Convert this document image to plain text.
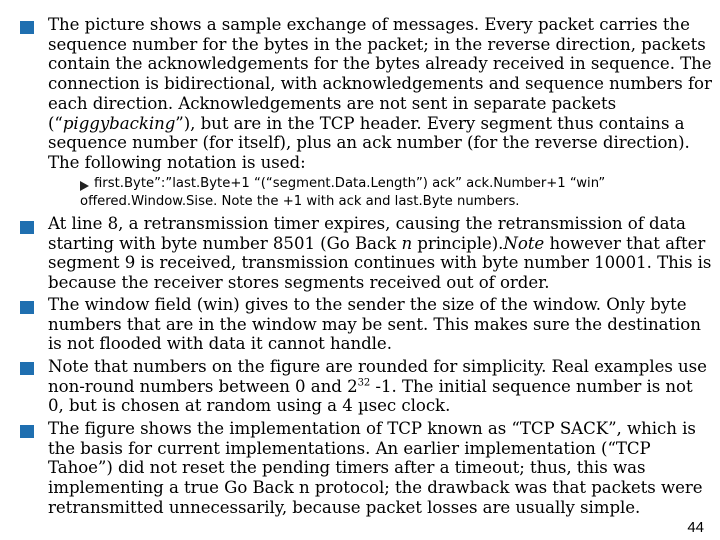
The picture shows a sample exchange of messages. Every packet carries the sequence number for the bytes in the packet; in the reverse direction, packets contain the acknowledgements for the bytes already received in sequence. The connection is bidirectional, with acknowledgements and sequence numbers for each direction. Acknowledgements are not sent in separate packets (“piggybacking”), but are in the TCP header. Every segment thus contains a sequence number (for itself), plus an ack number (for the reverse direction). The following notation is used:
first.Byte”:”last.Byte+1 “(“segment.Data.Length”) ack” ack.Number+1 “win” offered.Window.Sise. Note the +1 with ack and last.Byte numbers.
At line 8, a retransmission timer expires, causing the retransmission of data starting with byte number 8501 (Go Back n principle).Note however that after segment 9 is received, transmission continues with byte number 10001. This is because the receiver stores segments received out of order.
The window field (win) gives to the sender the size of the window. Only byte numbers that are in the window may be sent. This makes sure the destination is not flooded with data it cannot handle.
Note that numbers on the figure are rounded for simplicity. Real examples use non-round numbers between 0 and $2^{32}$ -1. The initial sequence number is not 0, but is chosen at random using a 4 µsec clock.
The figure shows the implementation of TCP known as “TCP SACK”, which is the basis for current implementations. An earlier implementation (“TCP Tahoe”) did not reset the pending timers after a timeout; thus, this was implementing a true Go Back n protocol; the drawback was that packets were retransmitted unnecessarily, because packet losses are usually simple.
44
